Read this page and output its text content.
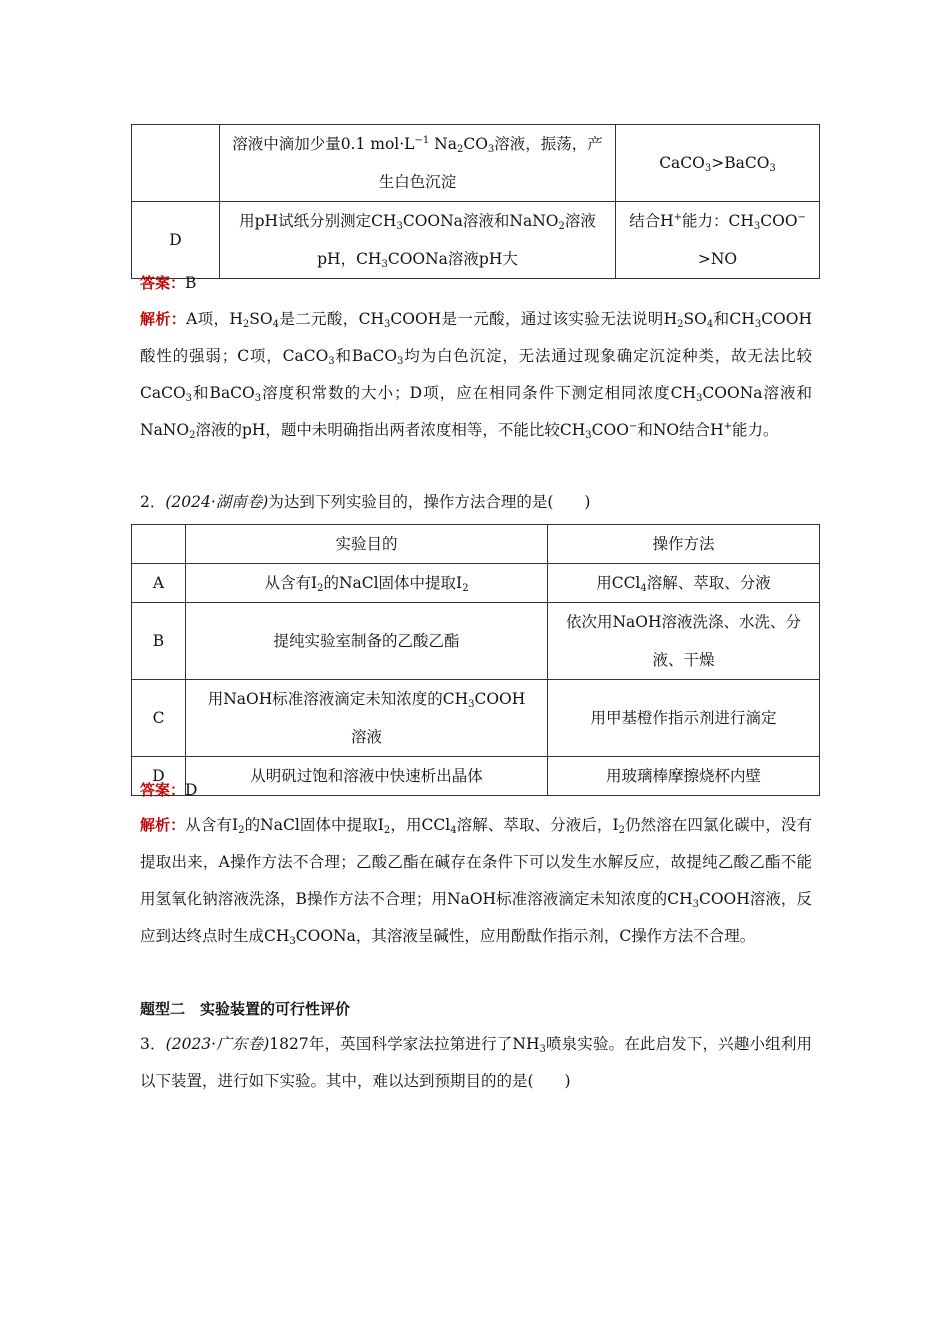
	溶液中滴加少量0.1 $mol\cdot L^{-1}$ $Na_2CO_3$溶液，振荡，产
生白色沉淀	CaCO$_3$>BaCO$_3$
D	用pH试纸分别测定$CH_3COONa$溶液和NaNO$_2$溶液
pH，$CH_3COONa$溶液pH大	结合H+能力：$CH_3COO^-$
>NO
答案：B
解析：A项，$H_2SO_4$是二元酸，$CH_3COOH$是一元酸，通过该实验无法说明$H_2SO_4$和$CH_3COOH$酸性的强弱；C项，CaCO$_3$和BaCO$_3$均为白色沉淀，无法通过现象确定沉淀种类，故无法比较CaCO$_3$和BaCO$_3$溶度积常数的大小；D项，应在相同条件下测定相同浓度$CH_3COONa$溶液和NaNO$_2$溶液的pH，题中未明确指出两者浓度相等，不能比较$CH_3COO^-$和NO结合H+能力。
2．(2024·湖南卷)为达到下列实验目的，操作方法合理的是(　　)
	实验目的	操作方法
A	从含有$I_2$的NaCl固体中提取$I_2$	用CCl$_4$溶解、萃取、分液
B	提纯实验室制备的乙酸乙酯	依次用NaOH溶液洗涤、水洗、分
液、干燥
C	用NaOH标准溶液滴定未知浓度的$CH_3COOH$
溶液	用甲基橙作指示剂进行滴定
D	从明矾过饱和溶液中快速析出晶体	用玻璃棒摩擦烧杯内壁
答案：D
解析：从含有$I_2$的NaCl固体中提取$I_2$，用CCl$_4$溶解、萃取、分液后，$I_2$仍然溶在四氯化碳中，没有提取出来，A操作方法不合理；乙酸乙酯在碱存在条件下可以发生水解反应，故提纯乙酸乙酯不能用氢氧化钠溶液洗涤，B操作方法不合理；用NaOH标准溶液滴定未知浓度的$CH_3COOH$溶液，反应到达终点时生成$CH_3COONa$，其溶液呈碱性，应用酚酞作指示剂，C操作方法不合理。
题型二　实验装置的可行性评价
3．(2023·广东卷)1827年，英国科学家法拉第进行了$NH_3$喷泉实验。在此启发下，兴趣小组利用以下装置，进行如下实验。其中，难以达到预期目的的是(　　)
